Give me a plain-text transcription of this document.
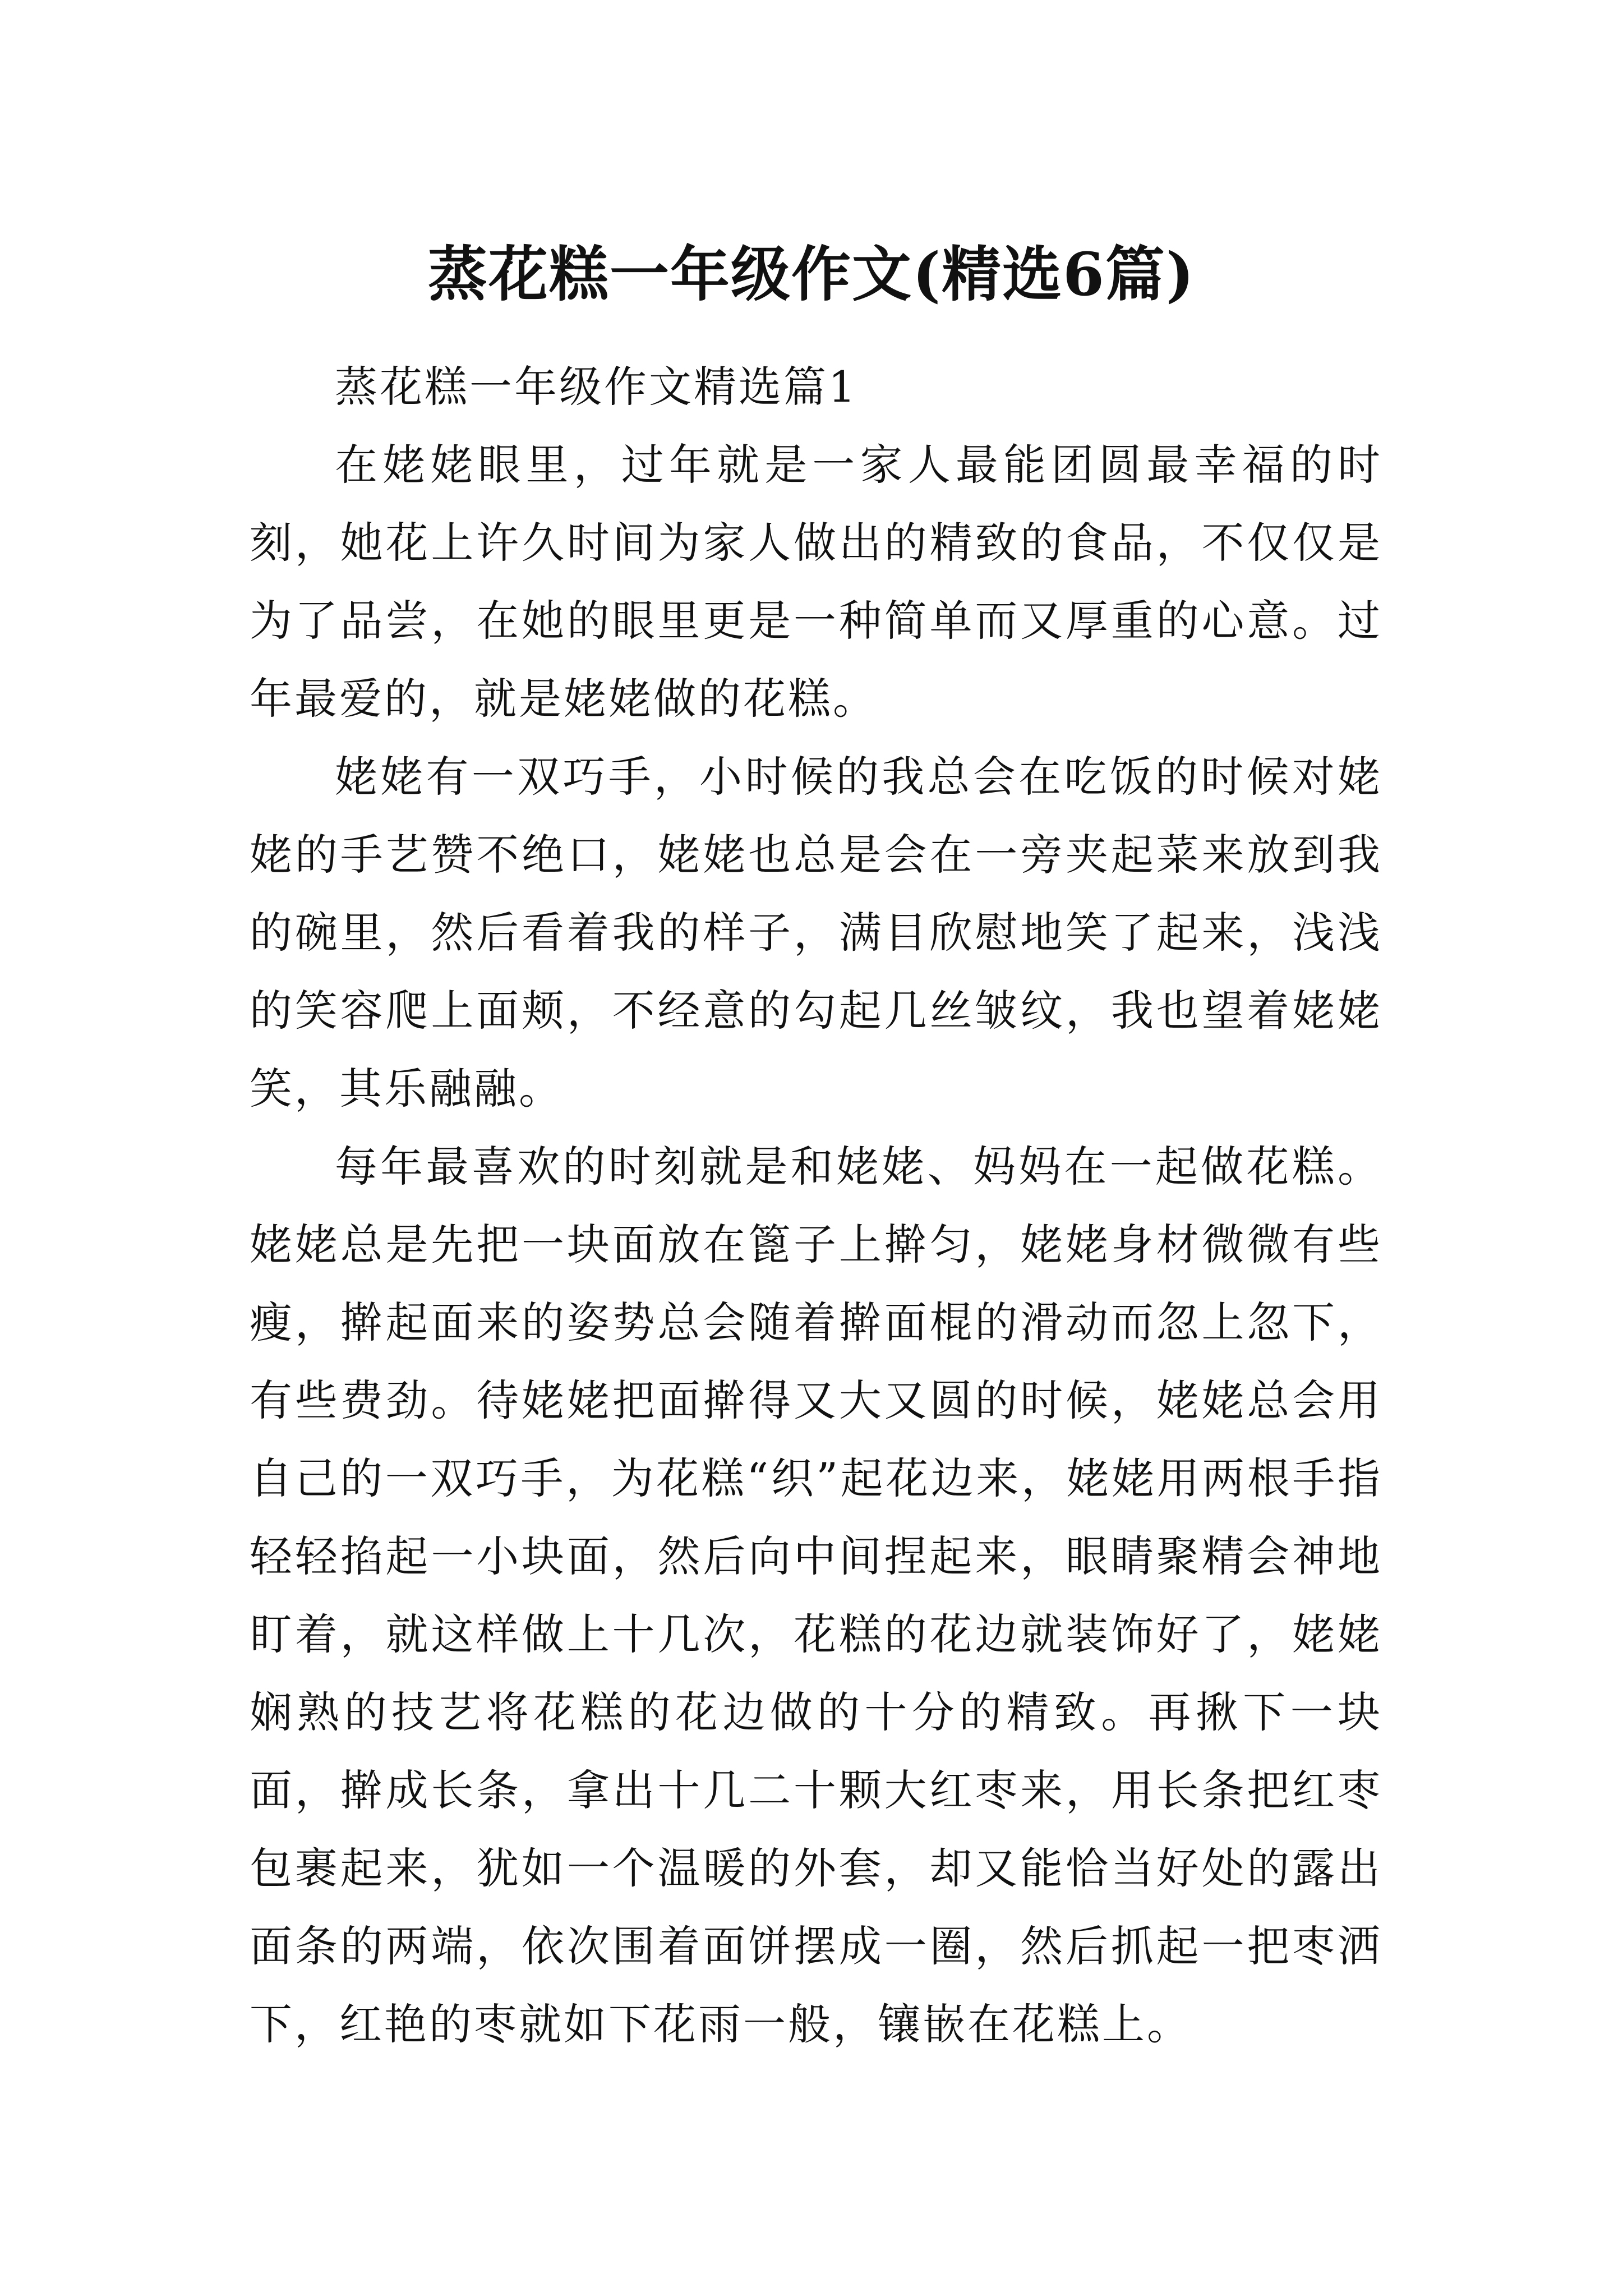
蒸花糕一年级作文(精选6篇)
蒸花糕一年级作文精选篇1

在姥姥眼里，过年就是一家人最能团圆最幸福的时刻，她花上许久时间为家人做出的精致的食品，不仅仅是为了品尝，在她的眼里更是一种简单而又厚重的心意。过年最爱的，就是姥姥做的花糕。

姥姥有一双巧手，小时候的我总会在吃饭的时候对姥姥的手艺赞不绝口，姥姥也总是会在一旁夹起菜来放到我的碗里，然后看着我的样子，满目欣慰地笑了起来，浅浅的笑容爬上面颊，不经意的勾起几丝皱纹，我也望着姥姥笑，其乐融融。

每年最喜欢的时刻就是和姥姥、妈妈在一起做花糕。姥姥总是先把一块面放在篦子上擀匀，姥姥身材微微有些瘦，擀起面来的姿势总会随着擀面棍的滑动而忽上忽下，有些费劲。待姥姥把面擀得又大又圆的时候，姥姥总会用自己的一双巧手，为花糕“织”起花边来，姥姥用两根手指轻轻掐起一小块面，然后向中间捏起来，眼睛聚精会神地盯着，就这样做上十几次，花糕的花边就装饰好了，姥姥娴熟的技艺将花糕的花边做的十分的精致。再揪下一块面，擀成长条，拿出十几二十颗大红枣来，用长条把红枣包裹起来，犹如一个温暖的外套，却又能恰当好处的露出面条的两端，依次围着面饼摆成一圈，然后抓起一把枣洒下，红艳的枣就如下花雨一般，镶嵌在花糕上。
